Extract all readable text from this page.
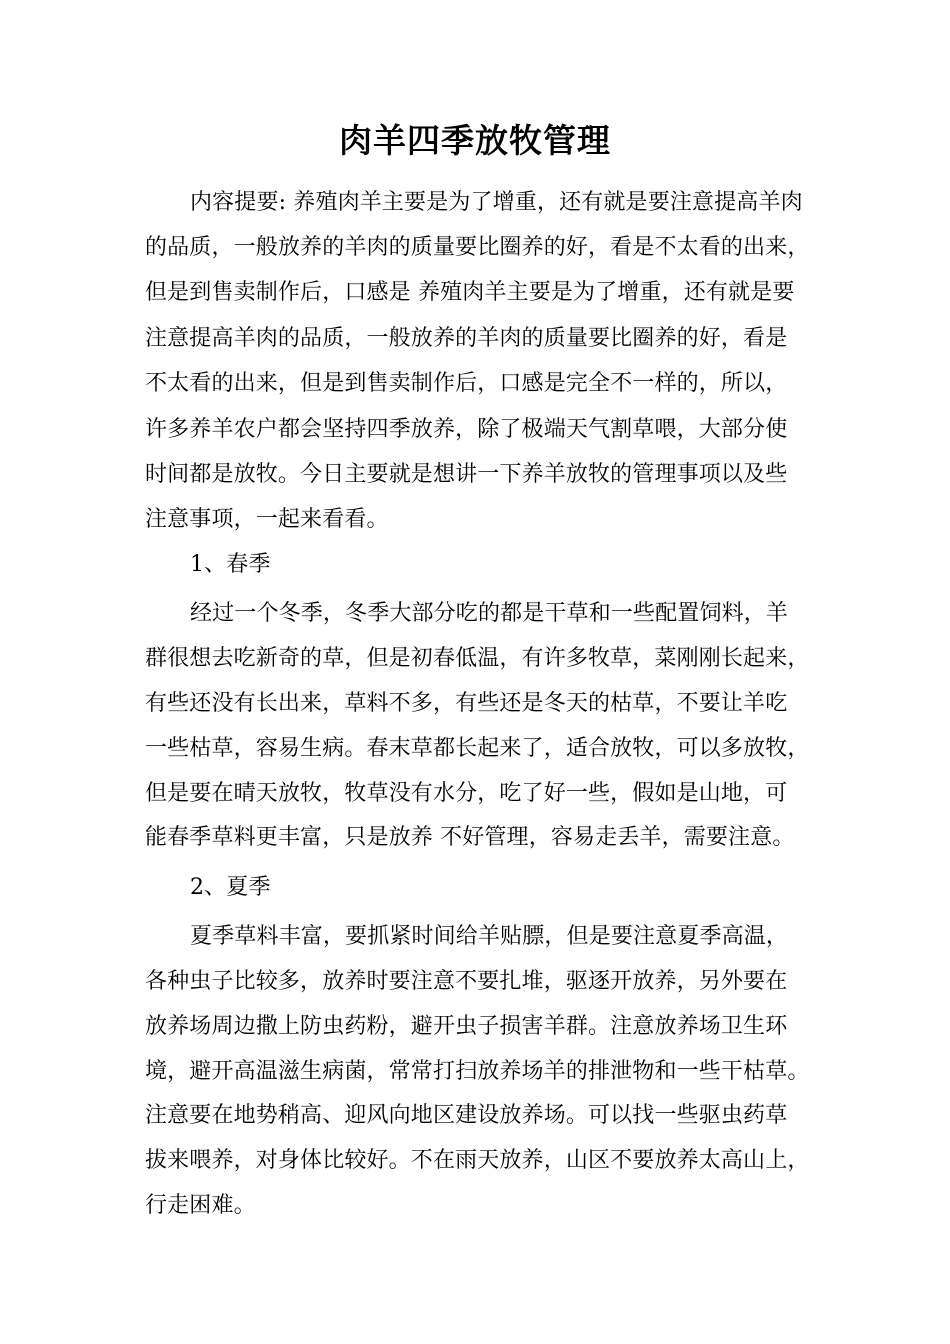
肉羊四季放牧管理
内容提要: 养殖肉羊主要是为了增重，还有就是要注意提高羊肉
的品质，一般放养的羊肉的质量要比圈养的好，看是不太看的出来，
但是到售卖制作后，口感是 养殖肉羊主要是为了增重，还有就是要
注意提高羊肉的品质，一般放养的羊肉的质量要比圈养的好，看是
不太看的出来，但是到售卖制作后，口感是完全不一样的，所以，
许多养羊农户都会坚持四季放养，除了极端天气割草喂，大部分使
时间都是放牧。今日主要就是想讲一下养羊放牧的管理事项以及些
注意事项，一起来看看。
1、春季
经过一个冬季，冬季大部分吃的都是干草和一些配置饲料，羊
群很想去吃新奇的草，但是初春低温，有许多牧草，菜刚刚长起来，
有些还没有长出来，草料不多，有些还是冬天的枯草，不要让羊吃
一些枯草，容易生病。春末草都长起来了，适合放牧，可以多放牧，
但是要在晴天放牧，牧草没有水分，吃了好一些，假如是山地，可
能春季草料更丰富，只是放养 不好管理，容易走丢羊，需要注意。
2、夏季
夏季草料丰富，要抓紧时间给羊贴膘，但是要注意夏季高温，
各种虫子比较多，放养时要注意不要扎堆，驱逐开放养，另外要在
放养场周边撒上防虫药粉，避开虫子损害羊群。注意放养场卫生环
境，避开高温滋生病菌，常常打扫放养场羊的排泄物和一些干枯草。
注意要在地势稍高、迎风向地区建设放养场。可以找一些驱虫药草
拔来喂养，对身体比较好。不在雨天放养，山区不要放养太高山上，
行走困难。
